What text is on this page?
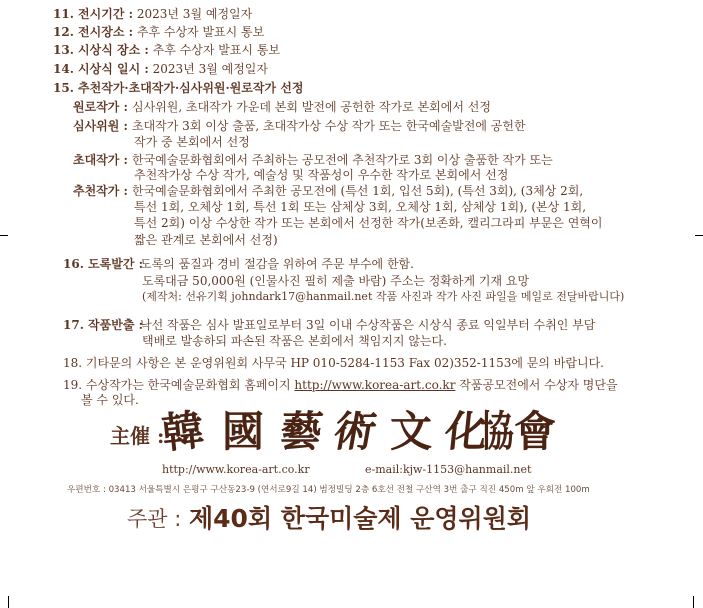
11. 전시기간 : 2023년 3월 예정일자
12. 전시장소 : 추후 수상자 발표시 통보
13. 시상식 장소 : 추후 수상자 발표시 통보
14. 시상식 일시 : 2023년 3월 예정일자
15. 추천작가·초대작가·심사위원·원로작가 선정
원로작가 : 심사위원, 초대작가 가운데 본회 발전에 공헌한 작가로 본회에서 선정
심사위원 : 초대작가 3회 이상 출품, 초대작가상 수상 작가 또는 한국예술발전에 공헌한
작가 중 본회에서 선정
초대작가 : 한국예술문화협회에서 주최하는 공모전에 추천작가로 3회 이상 출품한 작가 또는
추천작가상 수상 작가, 예술성 및 작품성이 우수한 작가로 본회에서 선정
추천작가 : 한국예술문화협회에서 주최한 공모전에 (특선 1회, 입선 5회), (특선 3회), (3체상 2회,
특선 1회, 오체상 1회, 특선 1회 또는 삼체상 3회, 오체상 1회, 삼체상 1회), (본상 1회,
특선 2회) 이상 수상한 작가 또는 본회에서 선정한 작가(보존화, 캘리그라피 부문은 연혁이
짧은 관계로 본회에서 선정)
16. 도록발간 :
도록의 품질과 경비 절감을 위하여 주문 부수에 한함.
도록대금 50,000원 (인물사진 필히 제출 바람) 주소는 정확하게 기재 요망
(제작처: 선유기획 johndark17@hanmail.net 작품 사진과 작가 사진 파일을 메일로 전달바랍니다)
17. 작품반출 :
낙선 작품은 심사 발표일로부터 3일 이내 수상작품은 시상식 종료 익일부터 수취인 부담
택배로 발송하되 파손된 작품은 본회에서 책임지지 않는다.
18. 기타문의 사항은 본 운영위원회 사무국 HP 010-5284-1153 Fax 02)352-1153에 문의 바랍니다.
19. 수상작가는 한국예술문화협회 홈페이지 http://www.korea-art.co.kr 작품공모전에서 수상자 명단을
볼 수 있다.
主催 :
韓 國 藝 術 文 化
協 會
http://www.korea-art.co.kr	e-mail:kjw-1153@hanmail.net
우편번호 : 03413 서울특별시 은평구 구산동23-9 (연서로9길 14) 범정빌딩 2층 6호선 전철 구산역 3번 출구 직진 450m 앞 우회전 100m
주관 : 제40회 한국미술제 운영위원회
